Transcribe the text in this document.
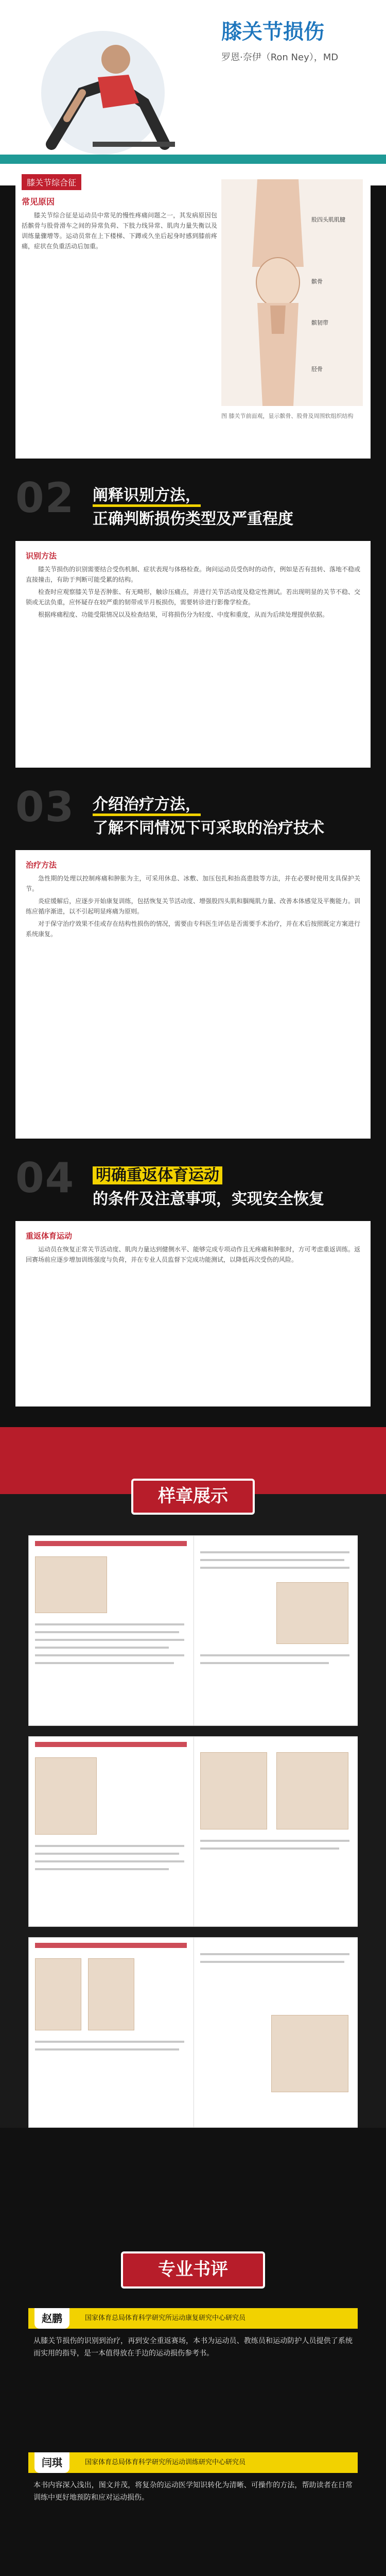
膝关节损伤
罗恩·奈伊（Ron Ney），MD
膝关节综合征
常见原因

膝关节综合征是运动员中常见的慢性疼痛问题之一，其发病原因包括髌骨与股骨滑车之间的异常负荷、下肢力线异常、肌肉力量失衡以及训练量骤增等。运动员常在上下楼梯、下蹲或久坐后起身时感到膝前疼痛，症状在负重活动后加重。

股四头肌肌腱
髌骨
髌韧带
胫骨
图 膝关节前面观，显示髌骨、股骨及周围软组织结构
02 阐释识别方法，
正确判断损伤类型及严重程度
识别方法

膝关节损伤的识别需要结合受伤机制、症状表现与体格检查。询问运动员受伤时的动作，例如是否有扭转、落地不稳或直接撞击，有助于判断可能受累的结构。

检查时应观察膝关节是否肿胀、有无畸形，触诊压痛点，并进行关节活动度及稳定性测试。若出现明显的关节不稳、交锁或无法负重，应怀疑存在较严重的韧带或半月板损伤，需要转诊进行影像学检查。

根据疼痛程度、功能受限情况以及检查结果，可将损伤分为轻度、中度和重度，从而为后续处理提供依据。

03 介绍治疗方法，
了解不同情况下可采取的治疗技术
治疗方法

急性期的处理以控制疼痛和肿胀为主，可采用休息、冰敷、加压包扎和抬高患肢等方法，并在必要时使用支具保护关节。

炎症缓解后，应逐步开始康复训练，包括恢复关节活动度、增强股四头肌和腘绳肌力量、改善本体感觉及平衡能力。训练应循序渐进，以不引起明显疼痛为原则。

对于保守治疗效果不佳或存在结构性损伤的情况，需要由专科医生评估是否需要手术治疗，并在术后按照既定方案进行系统康复。

04 明确重返体育运动
的条件及注意事项，实现安全恢复
重返体育运动

运动员在恢复正常关节活动度、肌肉力量达到健侧水平、能够完成专项动作且无疼痛和肿胀时，方可考虑重返训练。返回赛场前应逐步增加训练强度与负荷，并在专业人员监督下完成功能测试，以降低再次受伤的风险。

样章展示
专业书评
赵鹏	国家体育总局体育科学研究所运动康复研究中心研究员
从膝关节损伤的识别到治疗，再到安全重返赛场，本书为运动员、教练员和运动防护人员提供了系统而实用的指导，是一本值得放在手边的运动损伤参考书。
闫琪	国家体育总局体育科学研究所运动训练研究中心研究员
本书内容深入浅出，图文并茂，将复杂的运动医学知识转化为清晰、可操作的方法，帮助读者在日常训练中更好地预防和应对运动损伤。
